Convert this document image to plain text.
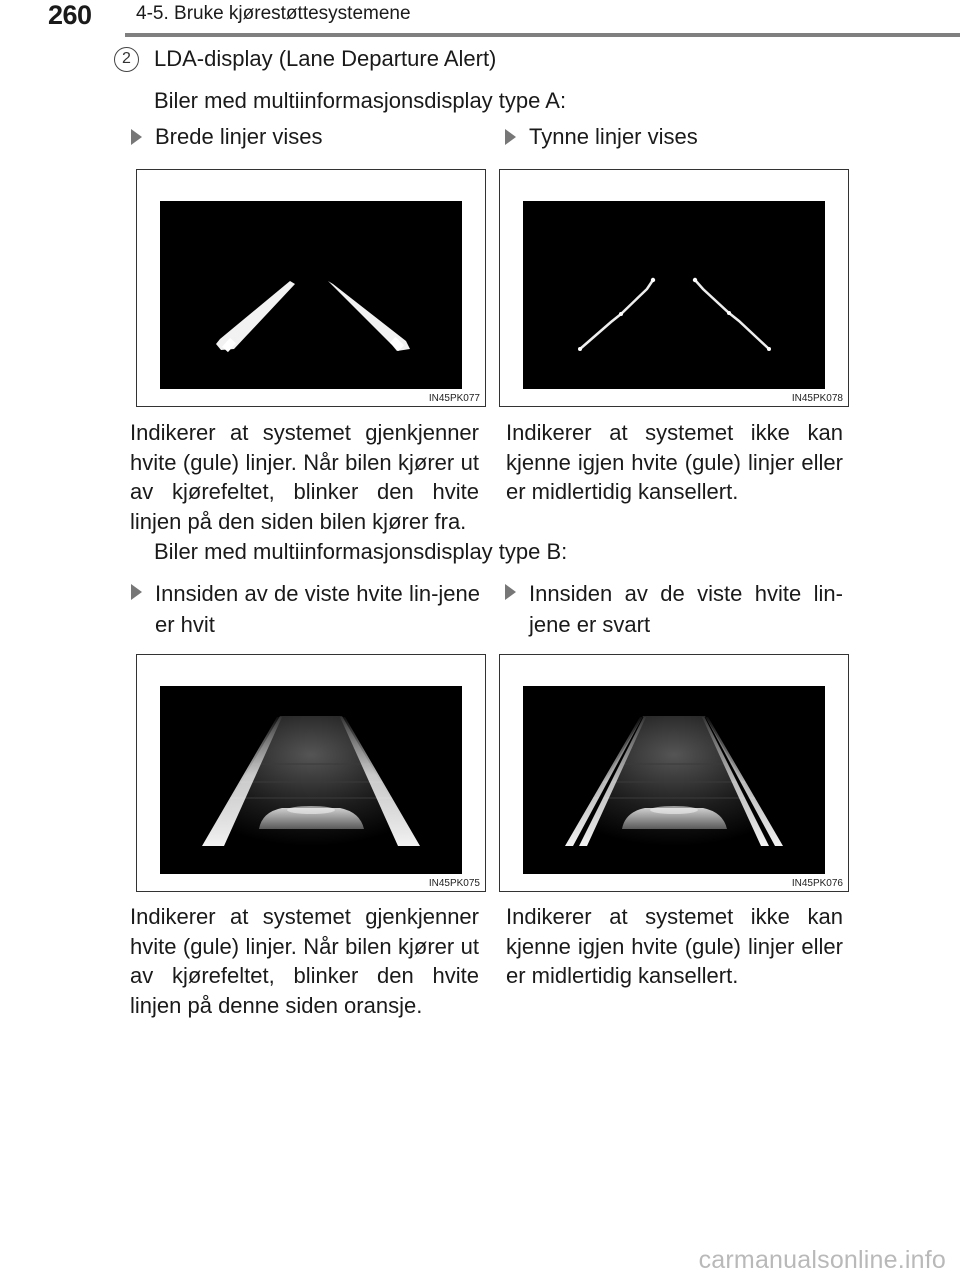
260 4-5. Bruke kjørestøttesystemene
2	LDA-display (Lane Departure Alert)
Biler med multiinformasjonsdisplay type A:
Brede linjer vises	Tynne linjer vises
IN45PK077	IN45PK078
Indikerer at systemet gjenkjenner hvite (gule) linjer. Når bilen kjører ut av kjørefeltet, blinker den hvite linjen på den siden bilen kjører fra.
Indikerer at systemet ikke kan kjenne igjen hvite (gule) linjer eller er midlertidig kansellert.
Biler med multiinformasjonsdisplay type B:
Innsiden av de viste hvite lin-jene er hvit
Innsiden av de viste hvite lin-jene er svart
IN45PK075	IN45PK076
Indikerer at systemet gjenkjenner hvite (gule) linjer. Når bilen kjører ut av kjørefeltet, blinker den hvite linjen på denne siden oransje.
Indikerer at systemet ikke kan kjenne igjen hvite (gule) linjer eller er midlertidig kansellert.
carmanualsonline.info
